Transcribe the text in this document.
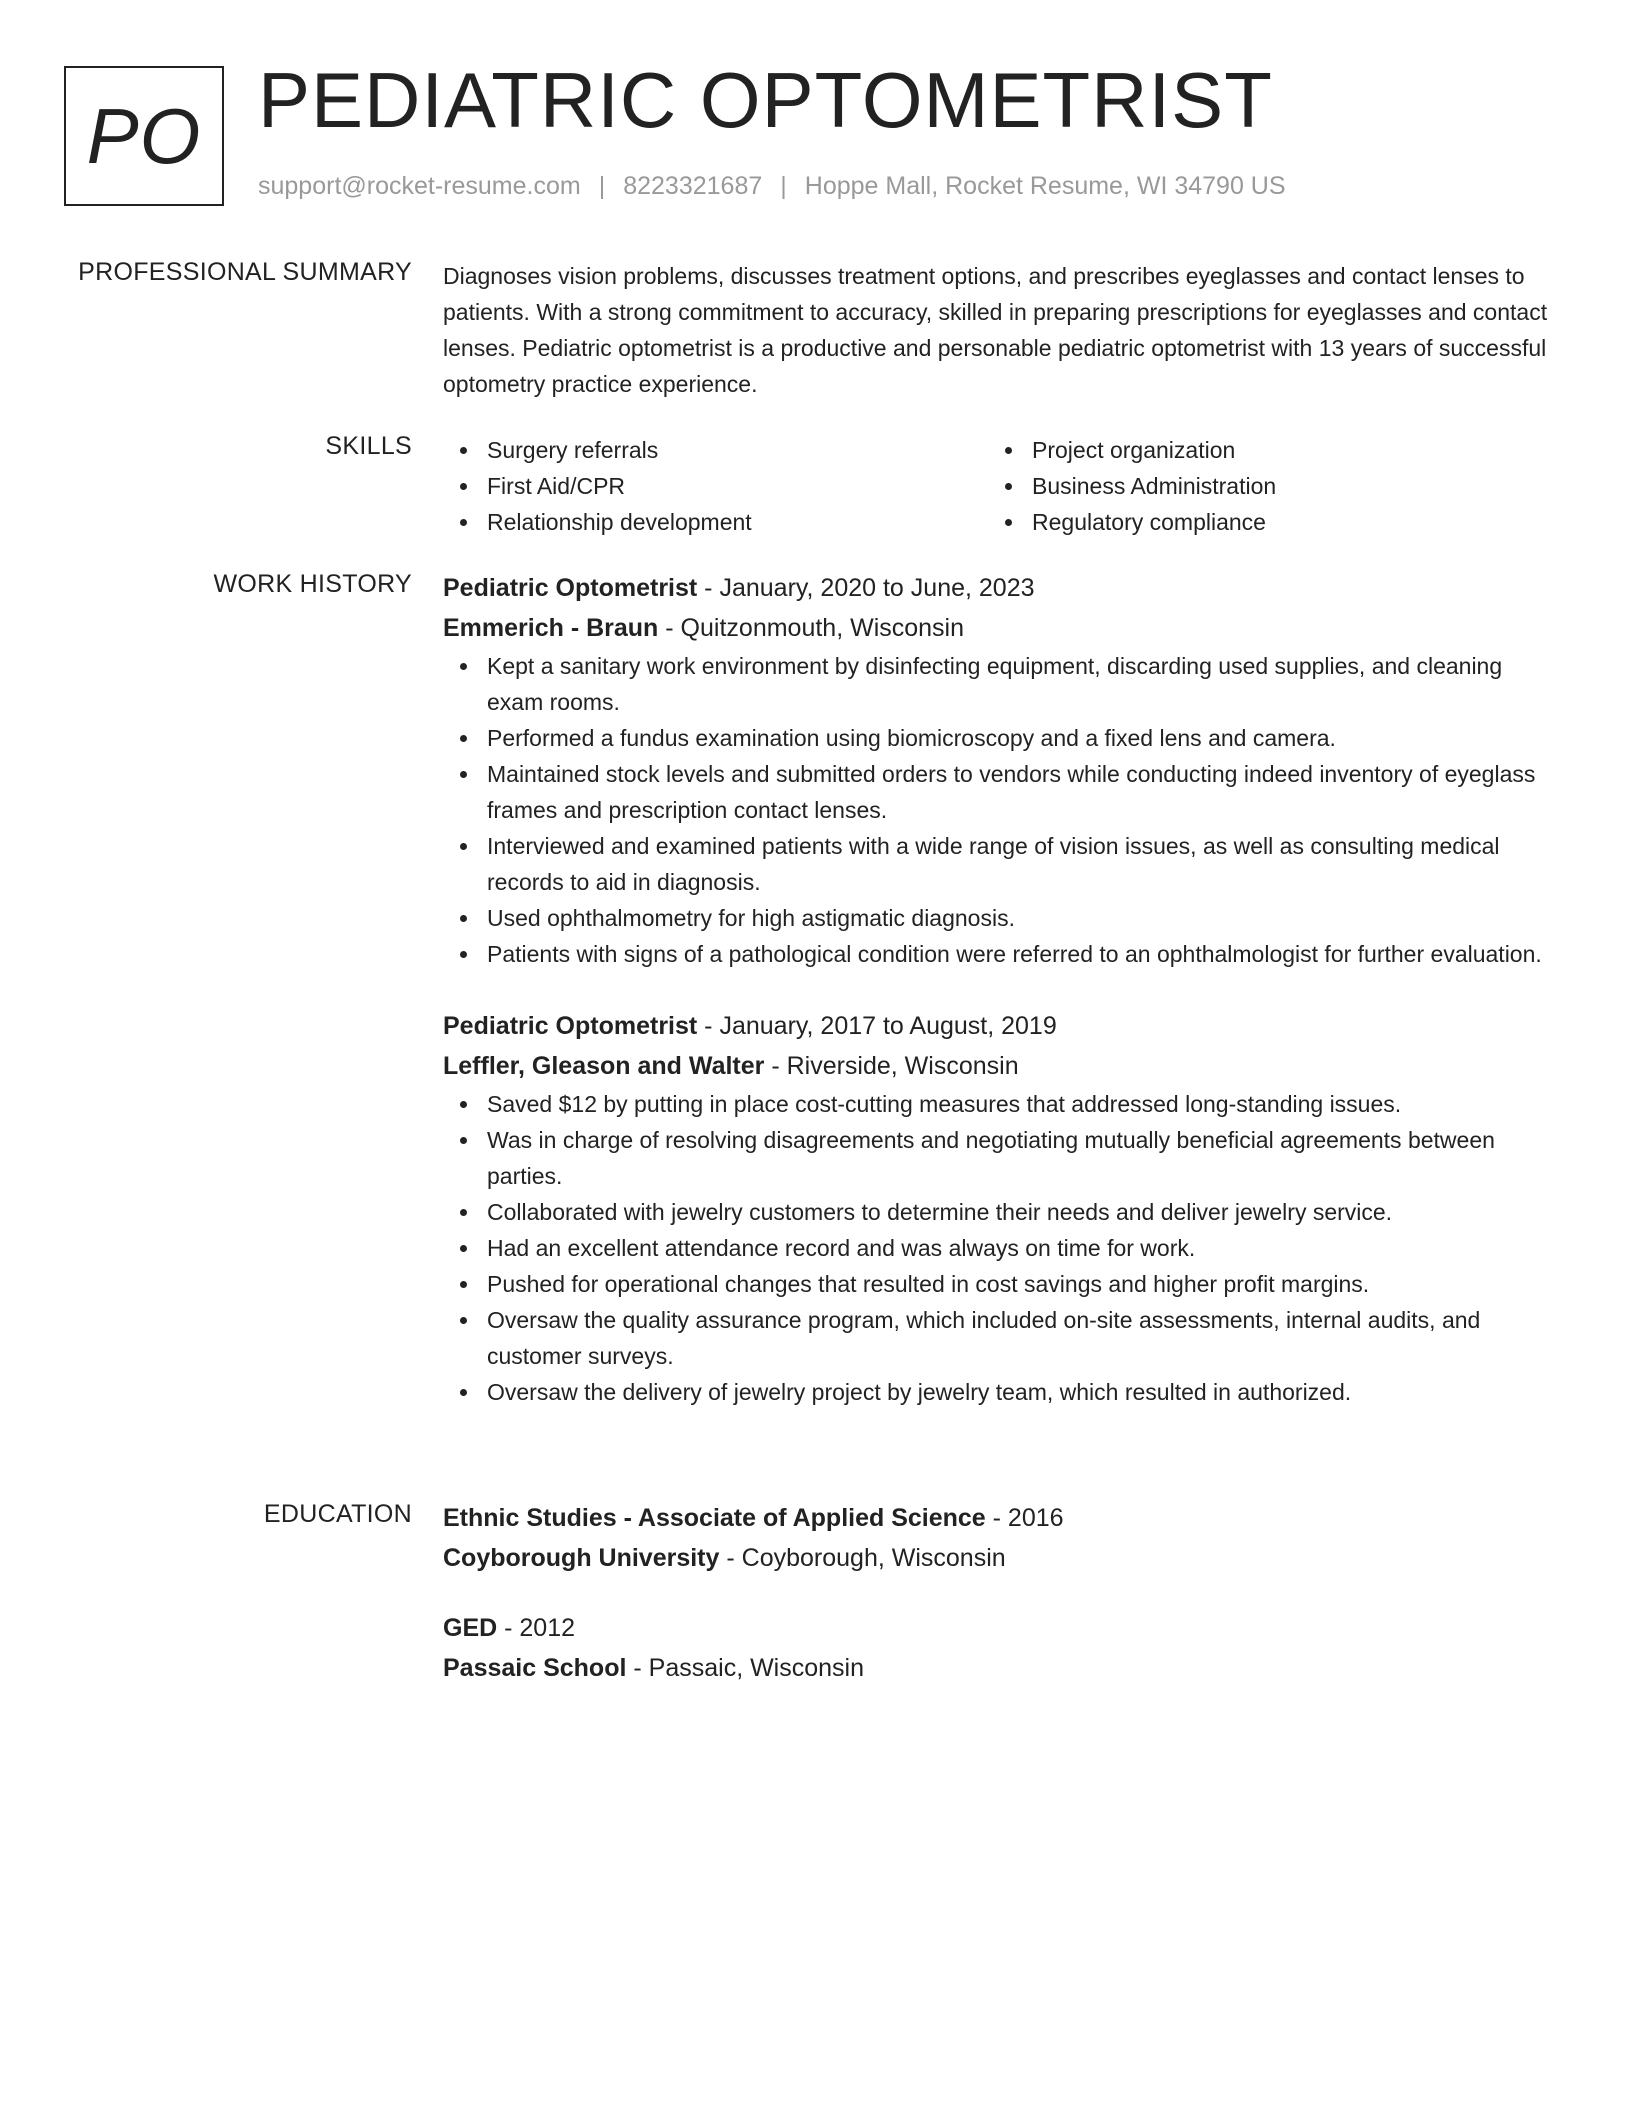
PO PEDIATRIC OPTOMETRIST
support@rocket-resume.com | 8223321687 | Hoppe Mall, Rocket Resume, WI 34790 US
PROFESSIONAL SUMMARY Diagnoses vision problems, discusses treatment options, and prescribes eyeglasses and contact lenses to patients. With a strong commitment to accuracy, skilled in preparing prescriptions for eyeglasses and contact lenses. Pediatric optometrist is a productive and personable pediatric optometrist with 13 years of successful optometry practice experience.

SKILLS	Surgery referrals
First Aid/CPR
Relationship development
Project organization
Business Administration
Regulatory compliance
WORK HISTORY Pediatric Optometrist - January, 2020 to June, 2023
Emmerich - Braun - Quitzonmouth, Wisconsin
Kept a sanitary work environment by disinfecting equipment, discarding used supplies, and cleaning exam rooms.
Performed a fundus examination using biomicroscopy and a fixed lens and camera.
Maintained stock levels and submitted orders to vendors while conducting indeed inventory of eyeglass frames and prescription contact lenses.
Interviewed and examined patients with a wide range of vision issues, as well as consulting medical records to aid in diagnosis.
Used ophthalmometry for high astigmatic diagnosis.
Patients with signs of a pathological condition were referred to an ophthalmologist for further evaluation.
Pediatric Optometrist - January, 2017 to August, 2019
Leffler, Gleason and Walter - Riverside, Wisconsin
Saved $12 by putting in place cost-cutting measures that addressed long-standing issues.
Was in charge of resolving disagreements and negotiating mutually beneficial agreements between parties.
Collaborated with jewelry customers to determine their needs and deliver jewelry service.
Had an excellent attendance record and was always on time for work.
Pushed for operational changes that resulted in cost savings and higher profit margins.
Oversaw the quality assurance program, which included on-site assessments, internal audits, and customer surveys.
Oversaw the delivery of jewelry project by jewelry team, which resulted in authorized.
EDUCATION Ethnic Studies - Associate of Applied Science - 2016
Coyborough University - Coyborough, Wisconsin
GED - 2012
Passaic School - Passaic, Wisconsin
